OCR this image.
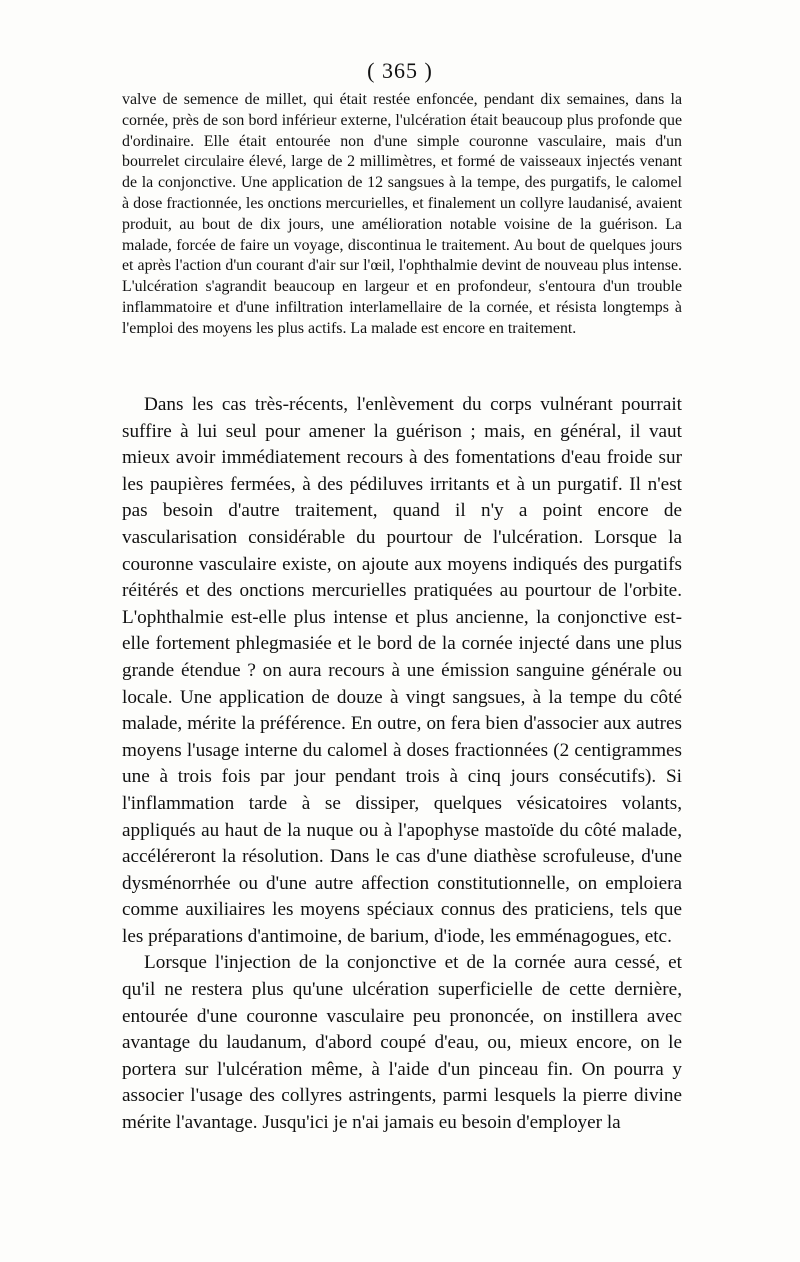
( 365 )

valve de semence de millet, qui était restée enfoncée, pendant dix semaines, dans la cornée, près de son bord inférieur externe, l'ulcération était beaucoup plus profonde que d'ordinaire. Elle était entourée non d'une simple couronne vasculaire, mais d'un bourrelet circulaire élevé, large de 2 millimètres, et formé de vaisseaux injectés venant de la conjonctive. Une application de 12 sangsues à la tempe, des purgatifs, le calomel à dose fractionnée, les onctions mercurielles, et finalement un collyre laudanisé, avaient produit, au bout de dix jours, une amélioration notable voisine de la guérison. La malade, forcée de faire un voyage, discontinua le traitement. Au bout de quelques jours et après l'action d'un courant d'air sur l'œil, l'ophthalmie devint de nouveau plus intense. L'ulcération s'agrandit beaucoup en largeur et en profondeur, s'entoura d'un trouble inflammatoire et d'une infiltration interlamellaire de la cornée, et résista longtemps à l'emploi des moyens les plus actifs. La malade est encore en traitement.

Dans les cas très-récents, l'enlèvement du corps vulnérant pourrait suffire à lui seul pour amener la guérison ; mais, en général, il vaut mieux avoir immédiatement recours à des fomentations d'eau froide sur les paupières fermées, à des pédiluves irritants et à un purgatif. Il n'est pas besoin d'autre traitement, quand il n'y a point encore de vascularisation considérable du pourtour de l'ulcération. Lorsque la couronne vasculaire existe, on ajoute aux moyens indiqués des purgatifs réitérés et des onctions mercurielles pratiquées au pourtour de l'orbite. L'ophthalmie est-elle plus intense et plus ancienne, la conjonctive est-elle fortement phlegmasiée et le bord de la cornée injecté dans une plus grande étendue ? on aura recours à une émission sanguine générale ou locale. Une application de douze à vingt sangsues, à la tempe du côté malade, mérite la préférence. En outre, on fera bien d'associer aux autres moyens l'usage interne du calomel à doses fractionnées (2 centigrammes une à trois fois par jour pendant trois à cinq jours consécutifs). Si l'inflammation tarde à se dissiper, quelques vésicatoires volants, appliqués au haut de la nuque ou à l'apophyse mastoïde du côté malade, accéléreront la résolution. Dans le cas d'une diathèse scrofuleuse, d'une dysménorrhée ou d'une autre affection constitutionnelle, on emploiera comme auxiliaires les moyens spéciaux connus des praticiens, tels que les préparations d'antimoine, de barium, d'iode, les emménagogues, etc.

Lorsque l'injection de la conjonctive et de la cornée aura cessé, et qu'il ne restera plus qu'une ulcération superficielle de cette dernière, entourée d'une couronne vasculaire peu prononcée, on instillera avec avantage du laudanum, d'abord coupé d'eau, ou, mieux encore, on le portera sur l'ulcération même, à l'aide d'un pinceau fin. On pourra y associer l'usage des collyres astringents, parmi lesquels la pierre divine mérite l'avantage. Jusqu'ici je n'ai jamais eu besoin d'employer la
